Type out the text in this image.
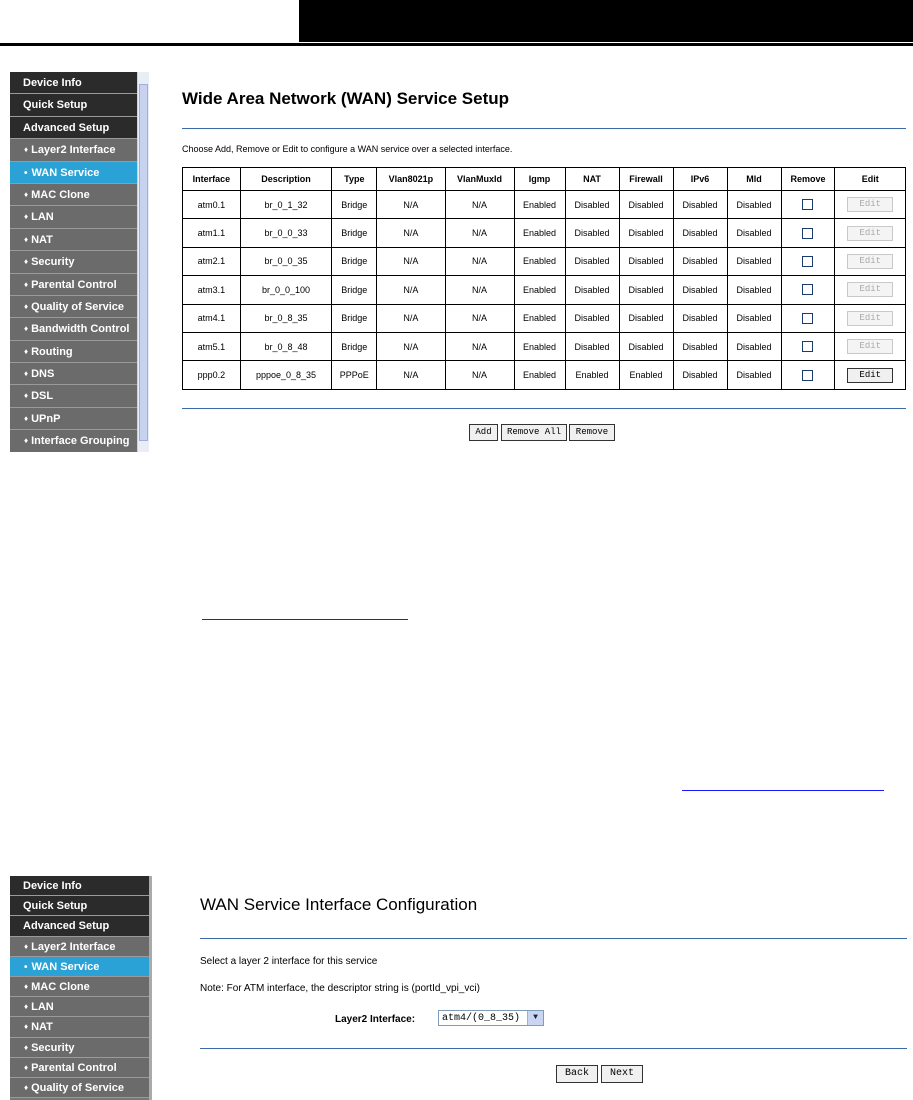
Device Info
Quick Setup
Advanced Setup
♦ Layer2 Interface
• WAN Service
♦ MAC Clone
♦ LAN
♦ NAT
♦ Security
♦ Parental Control
♦ Quality of Service
♦ Bandwidth Control
♦ Routing
♦ DNS
♦ DSL
♦ UPnP
♦ Interface Grouping
Wide Area Network (WAN) Service Setup
Choose Add, Remove or Edit to configure a WAN service over a selected interface.
Interface	Description	Type	Vlan8021p	VlanMuxId	Igmp	NAT	Firewall	IPv6	Mld	Remove	Edit
atm0.1	br_0_1_32	Bridge	N/A	N/A	Enabled	Disabled	Disabled	Disabled	Disabled		Edit
atm1.1	br_0_0_33	Bridge	N/A	N/A	Enabled	Disabled	Disabled	Disabled	Disabled		Edit
atm2.1	br_0_0_35	Bridge	N/A	N/A	Enabled	Disabled	Disabled	Disabled	Disabled		Edit
atm3.1	br_0_0_100	Bridge	N/A	N/A	Enabled	Disabled	Disabled	Disabled	Disabled		Edit
atm4.1	br_0_8_35	Bridge	N/A	N/A	Enabled	Disabled	Disabled	Disabled	Disabled		Edit
atm5.1	br_0_8_48	Bridge	N/A	N/A	Enabled	Disabled	Disabled	Disabled	Disabled		Edit
ppp0.2	pppoe_0_8_35	PPPoE	N/A	N/A	Enabled	Enabled	Enabled	Disabled	Disabled		Edit
Add	Remove All	Remove
Device Info
Quick Setup
Advanced Setup
♦ Layer2 Interface
• WAN Service
♦ MAC Clone
♦ LAN
♦ NAT
♦ Security
♦ Parental Control
♦ Quality of Service
WAN Service Interface Configuration
Select a layer 2 interface for this service
Note: For ATM interface, the descriptor string is (portId_vpi_vci)
Layer2 Interface:	atm4/(0_8_35)	▼
Back	Next
